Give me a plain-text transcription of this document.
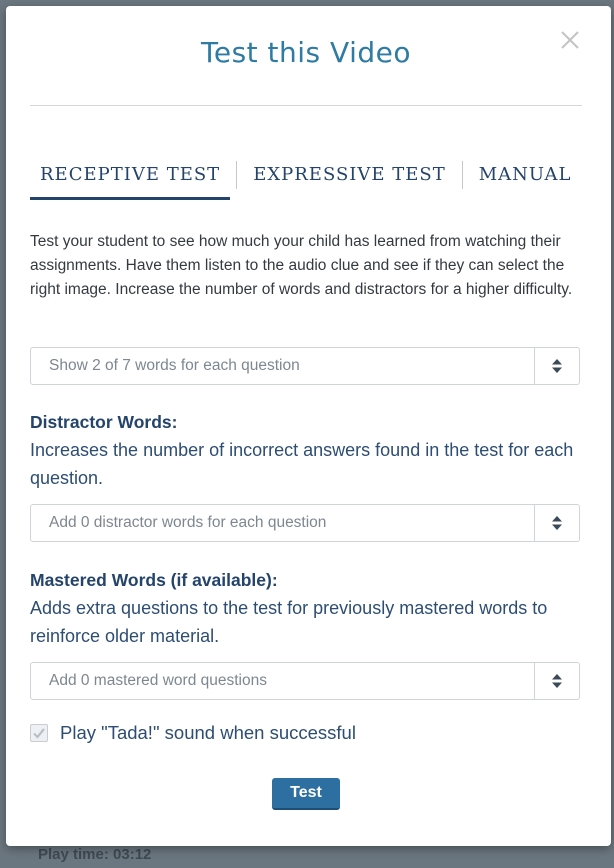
Play time: 03:12
Test this Video
RECEPTIVE TEST	EXPRESSIVE TEST	MANUAL
Test your student to see how much your child has learned from watching their assignments. Have them listen to the audio clue and see if they can select the right image. Increase the number of words and distractors for a higher difficulty.
Show 2 of 7 words for each question
Distractor Words:
Increases the number of incorrect answers found in the test for each question.
Add 0 distractor words for each question
Mastered Words (if available):
Adds extra questions to the test for previously mastered words to reinforce older material.
Add 0 mastered word questions
Play "Tada!" sound when successful
Test
